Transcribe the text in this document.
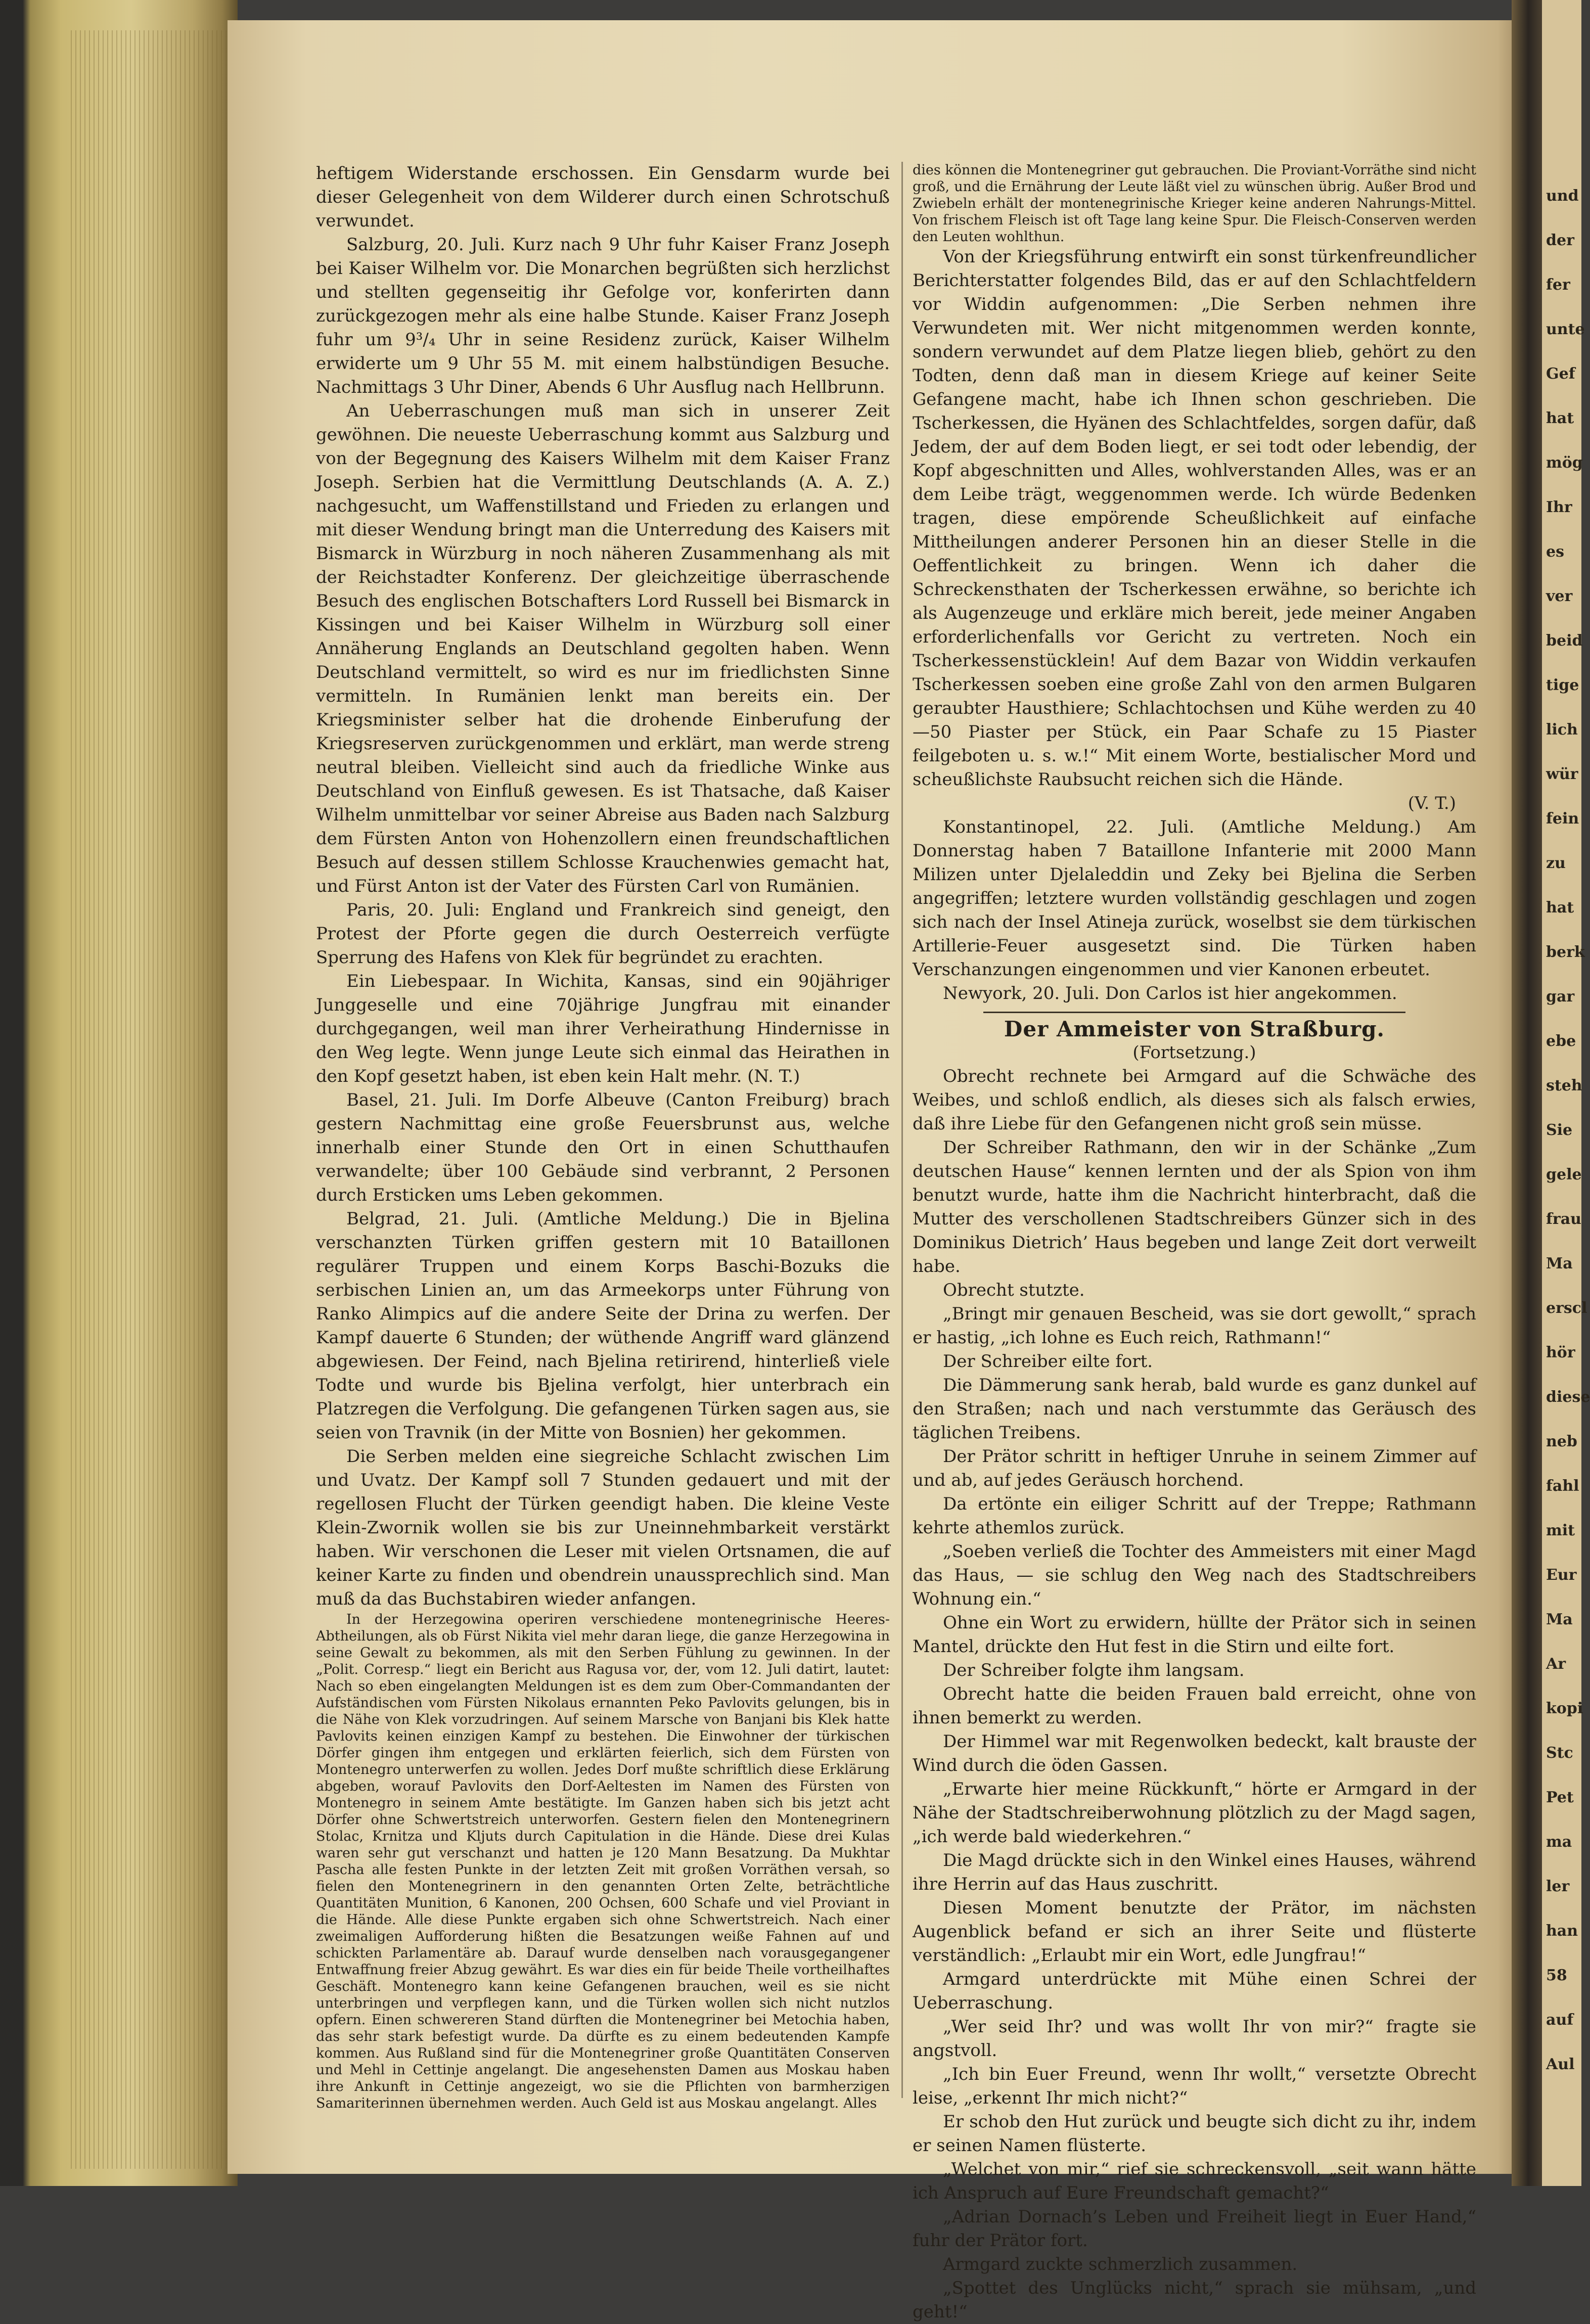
und
der
fer
unte
Gef
hat
mög
Ihr
es
ver
beid
tige
lich
wür
fein
zu
hat
berk
gar
ebe
steh
Sie
gele
frau
Ma
erscl
hör
diese
neb
fahl
mit
Eur
Ma
Ar
kopi
Stc
Pet
ma
ler
han
58
auf
Aul

heftigem Widerstande erschossen. Ein Gensdarm wurde bei dieser Gelegenheit von dem Wilderer durch einen Schrotschuß verwundet.

Salzburg, 20. Juli. Kurz nach 9 Uhr fuhr Kaiser Franz Joseph bei Kaiser Wilhelm vor. Die Monarchen begrüßten sich herzlichst und stellten gegenseitig ihr Gefolge vor, konferirten dann zurückgezogen mehr als eine halbe Stunde. Kaiser Franz Joseph fuhr um 9³/₄ Uhr in seine Residenz zurück, Kaiser Wilhelm erwiderte um 9 Uhr 55 M. mit einem halbstündigen Besuche. Nachmittags 3 Uhr Diner, Abends 6 Uhr Ausflug nach Hellbrunn.

An Ueberraschungen muß man sich in unserer Zeit gewöhnen. Die neueste Ueberraschung kommt aus Salzburg und von der Begegnung des Kaisers Wilhelm mit dem Kaiser Franz Joseph. Serbien hat die Vermittlung Deutschlands (A. A. Z.) nachgesucht, um Waffenstillstand und Frieden zu erlangen und mit dieser Wendung bringt man die Unterredung des Kaisers mit Bismarck in Würzburg in noch näheren Zusammenhang als mit der Reichstadter Konferenz. Der gleichzeitige überraschende Besuch des englischen Botschafters Lord Russell bei Bismarck in Kissingen und bei Kaiser Wilhelm in Würzburg soll einer Annäherung Englands an Deutschland gegolten haben. Wenn Deutschland vermittelt, so wird es nur im friedlichsten Sinne vermitteln. In Rumänien lenkt man bereits ein. Der Kriegsminister selber hat die drohende Einberufung der Kriegsreserven zurückgenommen und erklärt, man werde streng neutral bleiben. Vielleicht sind auch da friedliche Winke aus Deutschland von Einfluß gewesen. Es ist Thatsache, daß Kaiser Wilhelm unmittelbar vor seiner Abreise aus Baden nach Salzburg dem Fürsten Anton von Hohenzollern einen freundschaftlichen Besuch auf dessen stillem Schlosse Krauchenwies gemacht hat, und Fürst Anton ist der Vater des Fürsten Carl von Rumänien.

Paris, 20. Juli: England und Frankreich sind geneigt, den Protest der Pforte gegen die durch Oesterreich verfügte Sperrung des Hafens von Klek für begründet zu erachten.

Ein Liebespaar. In Wichita, Kansas, sind ein 90jähriger Junggeselle und eine 70jährige Jungfrau mit einander durchgegangen, weil man ihrer Verheirathung Hindernisse in den Weg legte. Wenn junge Leute sich einmal das Heirathen in den Kopf gesetzt haben, ist eben kein Halt mehr. (N. T.)

Basel, 21. Juli. Im Dorfe Albeuve (Canton Freiburg) brach gestern Nachmittag eine große Feuersbrunst aus, welche innerhalb einer Stunde den Ort in einen Schutthaufen verwandelte; über 100 Gebäude sind verbrannt, 2 Personen durch Ersticken ums Leben gekommen.

Belgrad, 21. Juli. (Amtliche Meldung.) Die in Bjelina verschanzten Türken griffen gestern mit 10 Bataillonen regulärer Truppen und einem Korps Baschi-Bozuks die serbischen Linien an, um das Armeekorps unter Führung von Ranko Alimpics auf die andere Seite der Drina zu werfen. Der Kampf dauerte 6 Stunden; der wüthende Angriff ward glänzend abgewiesen. Der Feind, nach Bjelina retirirend, hinterließ viele Todte und wurde bis Bjelina verfolgt, hier unterbrach ein Platzregen die Verfolgung. Die gefangenen Türken sagen aus, sie seien von Travnik (in der Mitte von Bosnien) her gekommen.

Die Serben melden eine siegreiche Schlacht zwischen Lim und Uvatz. Der Kampf soll 7 Stunden gedauert und mit der regellosen Flucht der Türken geendigt haben. Die kleine Veste Klein-Zwornik wollen sie bis zur Uneinnehmbarkeit verstärkt haben. Wir verschonen die Leser mit vielen Ortsnamen, die auf keiner Karte zu finden und obendrein unaussprechlich sind. Man muß da das Buchstabiren wieder anfangen.

In der Herzegowina operiren verschiedene montenegrinische Heeres-Abtheilungen, als ob Fürst Nikita viel mehr daran liege, die ganze Herzegowina in seine Gewalt zu bekommen, als mit den Serben Fühlung zu gewinnen. In der „Polit. Corresp.“ liegt ein Bericht aus Ragusa vor, der, vom 12. Juli datirt, lautet: Nach so eben eingelangten Meldungen ist es dem zum Ober-Commandanten der Aufständischen vom Fürsten Nikolaus ernannten Peko Pavlovits gelungen, bis in die Nähe von Klek vorzudringen. Auf seinem Marsche von Banjani bis Klek hatte Pavlovits keinen einzigen Kampf zu bestehen. Die Einwohner der türkischen Dörfer gingen ihm entgegen und erklärten feierlich, sich dem Fürsten von Montenegro unterwerfen zu wollen. Jedes Dorf mußte schriftlich diese Erklärung abgeben, worauf Pavlovits den Dorf-Aeltesten im Namen des Fürsten von Montenegro in seinem Amte bestätigte. Im Ganzen haben sich bis jetzt acht Dörfer ohne Schwertstreich unterworfen. Gestern fielen den Montenegrinern Stolac, Krnitza und Kljuts durch Capitulation in die Hände. Diese drei Kulas waren sehr gut verschanzt und hatten je 120 Mann Besatzung. Da Mukhtar Pascha alle festen Punkte in der letzten Zeit mit großen Vorräthen versah, so fielen den Montenegrinern in den genannten Orten Zelte, beträchtliche Quantitäten Munition, 6 Kanonen, 200 Ochsen, 600 Schafe und viel Proviant in die Hände. Alle diese Punkte ergaben sich ohne Schwertstreich. Nach einer zweimaligen Aufforderung hißten die Besatzungen weiße Fahnen auf und schickten Parlamentäre ab. Darauf wurde denselben nach vorausgegangener Entwaffnung freier Abzug gewährt. Es war dies ein für beide Theile vortheilhaftes Geschäft. Montenegro kann keine Gefangenen brauchen, weil es sie nicht unterbringen und verpflegen kann, und die Türken wollen sich nicht nutzlos opfern. Einen schwereren Stand dürften die Montenegriner bei Metochia haben, das sehr stark befestigt wurde. Da dürfte es zu einem bedeutenden Kampfe kommen. Aus Rußland sind für die Montenegriner große Quantitäten Conserven und Mehl in Cettinje angelangt. Die angesehensten Damen aus Moskau haben ihre Ankunft in Cettinje angezeigt, wo sie die Pflichten von barmherzigen Samariterinnen übernehmen werden. Auch Geld ist aus Moskau angelangt. Alles

dies können die Montenegriner gut gebrauchen. Die Proviant-Vorräthe sind nicht groß, und die Ernährung der Leute läßt viel zu wünschen übrig. Außer Brod und Zwiebeln erhält der montenegrinische Krieger keine anderen Nahrungs-Mittel. Von frischem Fleisch ist oft Tage lang keine Spur. Die Fleisch-Conserven werden den Leuten wohlthun.

Von der Kriegsführung entwirft ein sonst türkenfreundlicher Berichterstatter folgendes Bild, das er auf den Schlachtfeldern vor Widdin aufgenommen: „Die Serben nehmen ihre Verwundeten mit. Wer nicht mitgenommen werden konnte, sondern verwundet auf dem Platze liegen blieb, gehört zu den Todten, denn daß man in diesem Kriege auf keiner Seite Gefangene macht, habe ich Ihnen schon geschrieben. Die Tscherkessen, die Hyänen des Schlachtfeldes, sorgen dafür, daß Jedem, der auf dem Boden liegt, er sei todt oder lebendig, der Kopf abgeschnitten und Alles, wohlverstanden Alles, was er an dem Leibe trägt, weggenommen werde. Ich würde Bedenken tragen, diese empörende Scheußlichkeit auf einfache Mittheilungen anderer Personen hin an dieser Stelle in die Oeffentlichkeit zu bringen. Wenn ich daher die Schreckensthaten der Tscherkessen erwähne, so berichte ich als Augenzeuge und erkläre mich bereit, jede meiner Angaben erforderlichenfalls vor Gericht zu vertreten. Noch ein Tscherkessenstücklein! Auf dem Bazar von Widdin verkaufen Tscherkessen soeben eine große Zahl von den armen Bulgaren geraubter Hausthiere; Schlachtochsen und Kühe werden zu 40—50 Piaster per Stück, ein Paar Schafe zu 15 Piaster feilgeboten u. s. w.!“ Mit einem Worte, bestialischer Mord und scheußlichste Raubsucht reichen sich die Hände.

(V. T.)

Konstantinopel, 22. Juli. (Amtliche Meldung.) Am Donnerstag haben 7 Bataillone Infanterie mit 2000 Mann Milizen unter Djelaleddin und Zeky bei Bjelina die Serben angegriffen; letztere wurden vollständig geschlagen und zogen sich nach der Insel Atineja zurück, woselbst sie dem türkischen Artillerie-Feuer ausgesetzt sind. Die Türken haben Verschanzungen eingenommen und vier Kanonen erbeutet.

Newyork, 20. Juli. Don Carlos ist hier angekommen.

Der Ammeister von Straßburg.

(Fortsetzung.)

Obrecht rechnete bei Armgard auf die Schwäche des Weibes, und schloß endlich, als dieses sich als falsch erwies, daß ihre Liebe für den Gefangenen nicht groß sein müsse.

Der Schreiber Rathmann, den wir in der Schänke „Zum deutschen Hause“ kennen lernten und der als Spion von ihm benutzt wurde, hatte ihm die Nachricht hinterbracht, daß die Mutter des verschollenen Stadtschreibers Günzer sich in des Dominikus Dietrich’ Haus begeben und lange Zeit dort verweilt habe.

Obrecht stutzte.

„Bringt mir genauen Bescheid, was sie dort gewollt,“ sprach er hastig, „ich lohne es Euch reich, Rathmann!“

Der Schreiber eilte fort.

Die Dämmerung sank herab, bald wurde es ganz dunkel auf den Straßen; nach und nach verstummte das Geräusch des täglichen Treibens.

Der Prätor schritt in heftiger Unruhe in seinem Zimmer auf und ab, auf jedes Geräusch horchend.

Da ertönte ein eiliger Schritt auf der Treppe; Rathmann kehrte athemlos zurück.

„Soeben verließ die Tochter des Ammeisters mit einer Magd das Haus, — sie schlug den Weg nach des Stadtschreibers Wohnung ein.“

Ohne ein Wort zu erwidern, hüllte der Prätor sich in seinen Mantel, drückte den Hut fest in die Stirn und eilte fort.

Der Schreiber folgte ihm langsam.

Obrecht hatte die beiden Frauen bald erreicht, ohne von ihnen bemerkt zu werden.

Der Himmel war mit Regenwolken bedeckt, kalt brauste der Wind durch die öden Gassen.

„Erwarte hier meine Rückkunft,“ hörte er Armgard in der Nähe der Stadtschreiberwohnung plötzlich zu der Magd sagen, „ich werde bald wiederkehren.“

Die Magd drückte sich in den Winkel eines Hauses, während ihre Herrin auf das Haus zuschritt.

Diesen Moment benutzte der Prätor, im nächsten Augenblick befand er sich an ihrer Seite und flüsterte verständlich: „Erlaubt mir ein Wort, edle Jungfrau!“

Armgard unterdrückte mit Mühe einen Schrei der Ueberraschung.

„Wer seid Ihr? und was wollt Ihr von mir?“ fragte sie angstvoll.

„Ich bin Euer Freund, wenn Ihr wollt,“ versetzte Obrecht leise, „erkennt Ihr mich nicht?“

Er schob den Hut zurück und beugte sich dicht zu ihr, indem er seinen Namen flüsterte.

„Welchet von mir,“ rief sie schreckensvoll, „seit wann hätte ich Anspruch auf Eure Freundschaft gemacht?“

„Adrian Dornach’s Leben und Freiheit liegt in Euer Hand,“ fuhr der Prätor fort.

Armgard zuckte schmerzlich zusammen.

„Spottet des Unglücks nicht,“ sprach sie mühsam, „und geht!“
